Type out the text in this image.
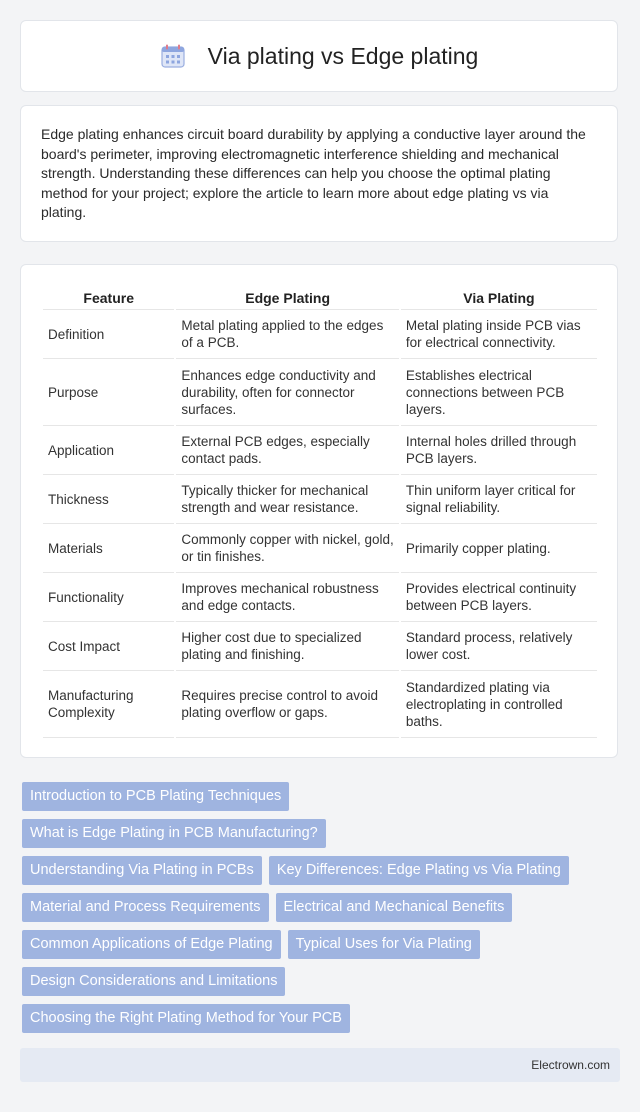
Via plating vs Edge plating

Edge plating enhances circuit board durability by applying a conductive layer around the board's perimeter, improving electromagnetic interference shielding and mechanical strength. Understanding these differences can help you choose the optimal plating method for your project; explore the article to learn more about edge plating vs via plating.

Feature	Edge Plating	Via Plating
Definition	Metal plating applied to the edges of a PCB.	Metal plating inside PCB vias for electrical connectivity.
Purpose	Enhances edge conductivity and durability, often for connector surfaces.	Establishes electrical connections between PCB layers.
Application	External PCB edges, especially contact pads.	Internal holes drilled through PCB layers.
Thickness	Typically thicker for mechanical strength and wear resistance.	Thin uniform layer critical for signal reliability.
Materials	Commonly copper with nickel, gold, or tin finishes.	Primarily copper plating.
Functionality	Improves mechanical robustness and edge contacts.	Provides electrical continuity between PCB layers.
Cost Impact	Higher cost due to specialized plating and finishing.	Standard process, relatively lower cost.
Manufacturing Complexity	Requires precise control to avoid plating overflow or gaps.	Standardized plating via electroplating in controlled baths.
Introduction to PCB Plating Techniques
What is Edge Plating in PCB Manufacturing?
Understanding Via Plating in PCBs	Key Differences: Edge Plating vs Via Plating
Material and Process Requirements	Electrical and Mechanical Benefits
Common Applications of Edge Plating	Typical Uses for Via Plating
Design Considerations and Limitations
Choosing the Right Plating Method for Your PCB
Electrown.com
